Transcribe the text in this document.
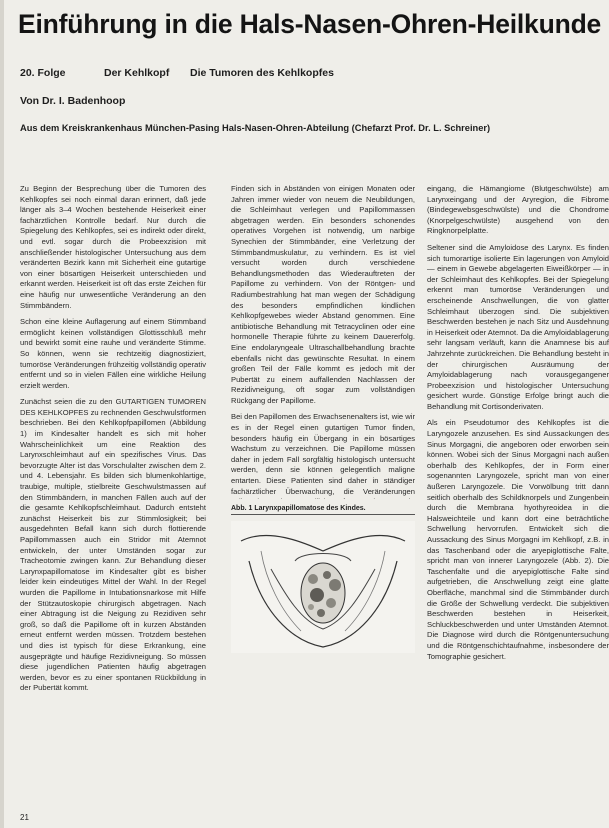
Einführung in die Hals-Nasen-Ohren-Heilkunde
20. Folge	Der Kehlkopf Die Tumoren des Kehlkopfes
Von Dr. I. Badenhoop
Aus dem Kreiskrankenhaus München-Pasing Hals-Nasen-Ohren-Abteilung (Chefarzt Prof. Dr. L. Schreiner)

Zu Beginn der Besprechung über die Tumoren des Kehlkopfes sei noch einmal daran erinnert, daß jede länger als 3–4 Wochen bestehende Heiserkeit einer fachärztlichen Kontrolle bedarf. Nur durch die Spiegelung des Kehlkopfes, sei es indirekt oder direkt, und evtl. sogar durch die Probeexzision mit anschließender histologischer Untersuchung aus dem veränderten Bezirk kann mit Sicherheit eine gutartige von einer bösartigen Heiserkeit unterschieden und erkannt werden. Heiserkeit ist oft das erste Zeichen für eine häufig nur unwesentliche Veränderung an den Stimmbändern.

Schon eine kleine Auflagerung auf einem Stimmband ermöglicht keinen vollständigen Glottisschluß mehr und bewirkt somit eine rauhe und veränderte Stimme. So können, wenn sie rechtzeitig diagnostiziert, tumoröse Veränderungen frühzeitig vollständig operativ entfernt und so in vielen Fällen eine wirkliche Heilung erzielt werden.

Zunächst seien die zu den GUTARTIGEN TUMOREN DES KEHLKOPFES zu rechnenden Geschwulstformen beschrieben. Bei den Kehlkopfpapillomen (Abbildung 1) im Kindesalter handelt es sich mit hoher Wahrscheinlichkeit um eine Reaktion des Larynxschleimhaut auf ein spezifisches Virus. Das bevorzugte Alter ist das Vorschulalter zwischen dem 2. und 4. Lebensjahr. Es bilden sich blumenkohlartige, traubige, multiple, stielbreite Geschwulstmassen auf den Stimmbändern, in manchen Fällen auch auf der die gesamte Kehlkopfschleimhaut. Dadurch entsteht zunächst Heiserkeit bis zur Stimmlosigkeit; bei ausgedehnten Befall kann sich durch flottierende Papillommassen auch ein Stridor mit Atemnot entwickeln, der unter Umständen sogar zur Tracheotomie zwingen kann. Zur Behandlung dieser Larynxpapillomatose im Kindesalter gibt es bisher leider kein eindeutiges Mittel der Wahl. In der Regel wurden die Papillome in Intubationsnarkose mit Hilfe der Stützautoskopie chirurgisch abgetragen. Nach einer Abtragung ist die Neigung zu Rezidiven sehr groß, so daß die Papillome oft in kurzen Abständen erneut entfernt werden müssen. Trotzdem bestehen und dies ist typisch für diese Erkrankung, eine ausgeprägte und häufige Rezidivneigung. So müssen diese jugendlichen Patienten häufig abgetragen werden, bevor es zu einer spontanen Rückbildung in der Pubertät kommt.

Finden sich in Abständen von einigen Monaten oder Jahren immer wieder von neuem die Neubildungen, die Schleimhaut verlegen und Papillommassen abgetragen werden. Ein besonders schonendes operatives Vorgehen ist notwendig, um narbige Synechien der Stimmbänder, eine Verletzung der Stimmbandmuskulatur, zu verhindern. Es ist viel versucht worden durch verschiedene Behandlungsmethoden das Wiederauftreten der Papillome zu verhindern. Von der Röntgen- und Radiumbestrahlung hat man wegen der Schädigung des besonders empfindlichen kindlichen Kehlkopfgewebes wieder Abstand genommen. Eine antibiotische Behandlung mit Tetracyclinen oder eine hormonelle Therapie führte zu keinem Dauererfolg. Eine endolaryngeale Ultraschallbehandlung brachte ebenfalls nicht das gewünschte Resultat. In einem großen Teil der Fälle kommt es jedoch mit der Pubertät zu einem auffallenden Nachlassen der Rezidivneigung, oft sogar zum vollständigen Rückgang der Papillome.

Bei den Papillomen des Erwachsenenalters ist, wie wir es in der Regel einen gutartigen Tumor finden, besonders häufig ein Übergang in ein bösartiges Wachstum zu verzeichnen. Die Papillome müssen daher in jedem Fall sorgfältig histologisch untersucht werden, denn sie können gelegentlich maligne entarten. Diese Patienten sind daher in ständiger fachärztlicher Überwachung, die Veränderungen

Abb. 1 Larynxpapillomatose des Kindes.

eingang, die Hämangiome (Blutgeschwülste) am Larynxeingang und der Aryregion, die Fibrome (Bindegewebsgeschwülste) und die Chondrome (Knorpelgeschwülste) ausgehend von den Ringknorpelplatte.

Seltener sind die Amyloidose des Larynx. Es finden sich tumorartige isolierte Ein lagerungen von Amyloid — einem in Gewebe abgelagerten Eiweißkörper — in der Schleimhaut des Kehlkopfes. Bei der Spiegelung erkennt man tumoröse Veränderungen und erscheinende Anschwellungen, die von glatter Schleimhaut überzogen sind. Die subjektiven Beschwerden bestehen je nach Sitz und Ausdehnung in Heiserkeit oder Atemnot. Da die Amyloidablagerung sehr langsam verläuft, kann die Anamnese bis auf Jahrzehnte zurückreichen. Die Behandlung besteht in der chirurgischen Ausräumung der Amyloidablagerung nach vorausgegangener Probeexzision und histologischer Untersuchung gesichert wurde. Günstige Erfolge bringt auch die Behandlung mit Cortisonderivaten.

Als ein Pseudotumor des Kehlkopfes ist die Laryngozele anzusehen. Es sind Aussackungen des Sinus Morgagni, die angeboren oder erworben sein können. Wobei sich der Sinus Morgagni nach außen oberhalb des Kehlkopfes, der in Form einer sogenannten Laryngozele, spricht man von einer äußeren Laryngozele. Die Vorwölbung tritt dann seitlich oberhalb des Schildknorpels und Zungenbein durch die Membrana hyothyreoidea in die Halsweichteile und kann dort eine beträchtliche Schwellung hervorrufen. Entwickelt sich die Aussackung des Sinus Morgagni im Kehlkopf, z.B. in das Taschenband oder die aryepiglottische Falte, spricht man von innerer Laryngozele (Abb. 2). Die Taschenfalte und die aryepiglottische Falte sind aufgetrieben, die Anschwellung zeigt eine glatte Oberfläche, manchmal sind die Stimmbänder durch die Größe der Schwellung verdeckt. Die subjektiven Beschwerden bestehen in Heiserkeit, Schluckbeschwerden und unter Umständen Atemnot. Die Diagnose wird durch die Röntgenuntersuchung und die Röntgenschichtaufnahme, insbesondere der Tomographie gesichert.

21
